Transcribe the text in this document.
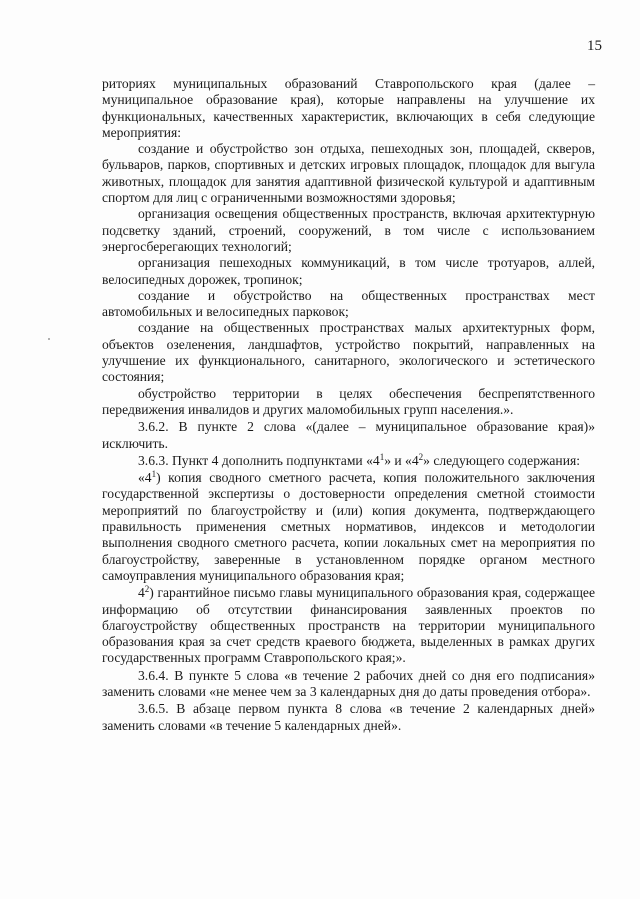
15

риториях муниципальных образований Ставропольского края (далее – муниципальное образование края), которые направлены на улучшение их функциональных, качественных характеристик, включающих в себя следующие мероприятия:

создание и обустройство зон отдыха, пешеходных зон, площадей, скверов, бульваров, парков, спортивных и детских игровых площадок, площадок для выгула животных, площадок для занятия адаптивной физической культурой и адаптивным спортом для лиц с ограниченными возможностями здоровья;

организация освещения общественных пространств, включая архитектурную подсветку зданий, строений, сооружений, в том числе с использованием энергосберегающих технологий;

организация пешеходных коммуникаций, в том числе тротуаров, аллей, велосипедных дорожек, тропинок;

создание и обустройство на общественных пространствах мест автомобильных и велосипедных парковок;

создание на общественных пространствах малых архитектурных форм, объектов озеленения, ландшафтов, устройство покрытий, направленных на улучшение их функционального, санитарного, экологического и эстетического состояния;

обустройство территории в целях обеспечения беспрепятственного передвижения инвалидов и других маломобильных групп населения.».

3.6.2. В пункте 2 слова «(далее – муниципальное образование края)» исключить.

3.6.3. Пункт 4 дополнить подпунктами «$4^1$» и «$4^2$» следующего содержания:

«$4^1$) копия сводного сметного расчета, копия положительного заключения государственной экспертизы о достоверности определения сметной стоимости мероприятий по благоустройству и (или) копия документа, подтверждающего правильность применения сметных нормативов, индексов и методологии выполнения сводного сметного расчета, копии локальных смет на мероприятия по благоустройству, заверенные в установленном порядке органом местного самоуправления муниципального образования края;

$4^2$) гарантийное письмо главы муниципального образования края, содержащее информацию об отсутствии финансирования заявленных проектов по благоустройству общественных пространств на территории муниципального образования края за счет средств краевого бюджета, выделенных в рамках других государственных программ Ставропольского края;».

3.6.4. В пункте 5 слова «в течение 2 рабочих дней со дня его подписания» заменить словами «не менее чем за 3 календарных дня до даты проведения отбора».

3.6.5. В абзаце первом пункта 8 слова «в течение 2 календарных дней» заменить словами «в течение 5 календарных дней».
